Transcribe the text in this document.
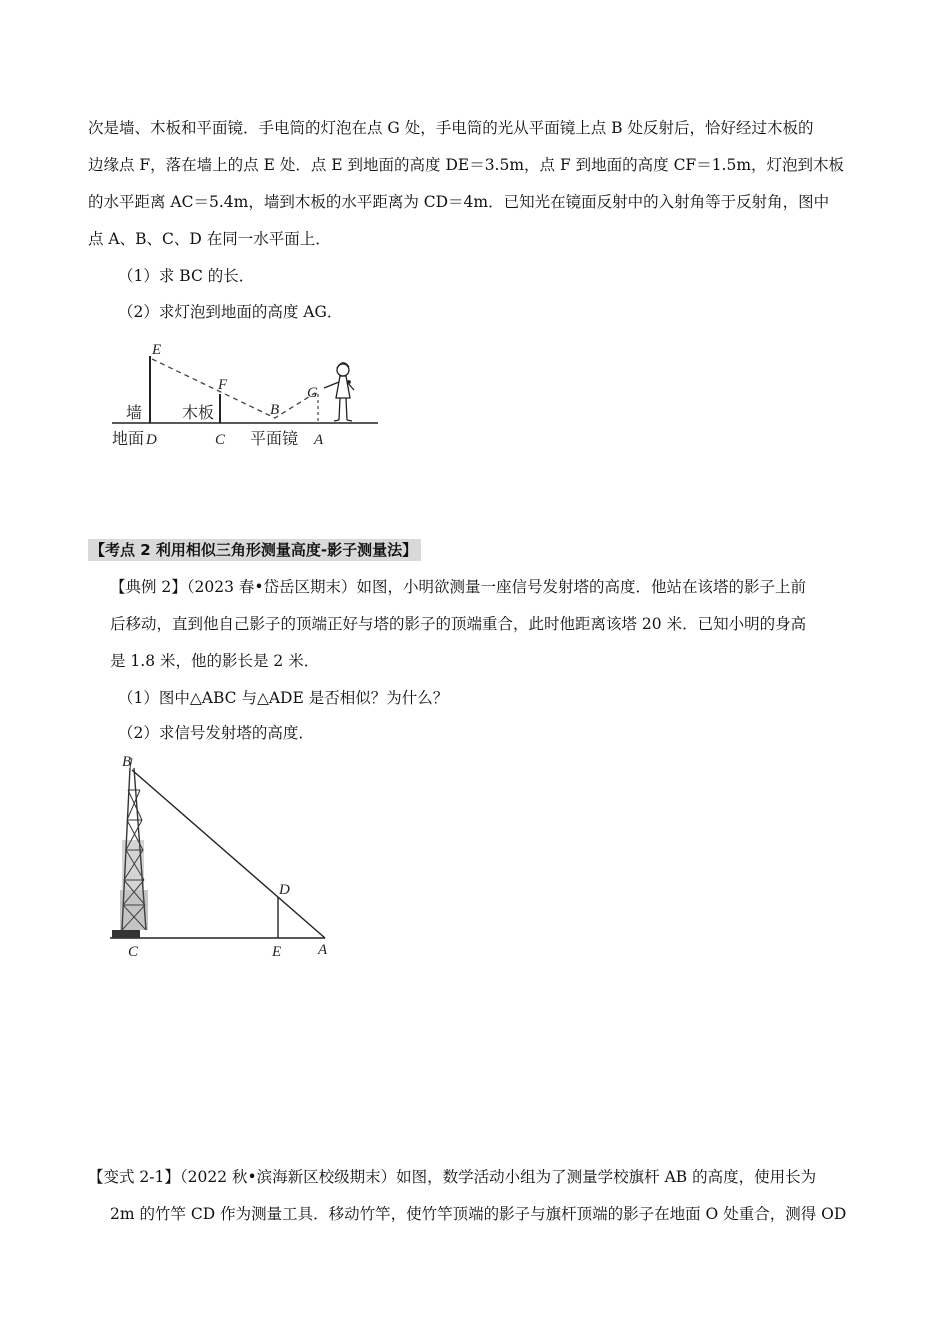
次是墙、木板和平面镜．手电筒的灯泡在点 G 处，手电筒的光从平面镜上点 B 处反射后，恰好经过木板的
边缘点 F，落在墙上的点 E 处．点 E 到地面的高度 DE＝3.5m，点 F 到地面的高度 CF＝1.5m，灯泡到木板
的水平距离 AC＝5.4m，墙到木板的水平距离为 CD＝4m．已知光在镜面反射中的入射角等于反射角，图中
点 A、B、C、D 在同一水平面上．
（1）求 BC 的长．
（2）求灯泡到地面的高度 AG．
E
F
B
G
墙 木板
地面 D	C 平面镜 A
【考点 2 利用相似三角形测量高度-影子测量法】
【典例 2】（2023 春•岱岳区期末）如图，小明欲测量一座信号发射塔的高度．他站在该塔的影子上前
后移动，直到他自己影子的顶端正好与塔的影子的顶端重合，此时他距离该塔 20 米．已知小明的身高
是 1.8 米，他的影长是 2 米．
（1）图中△ABC 与△ADE 是否相似？为什么？
（2）求信号发射塔的高度．
B
D
C	E A
【变式 2-1】（2022 秋•滨海新区校级期末）如图，数学活动小组为了测量学校旗杆 AB 的高度，使用长为
2m 的竹竿 CD 作为测量工具．移动竹竿，使竹竿顶端的影子与旗杆顶端的影子在地面 O 处重合，测得 OD
